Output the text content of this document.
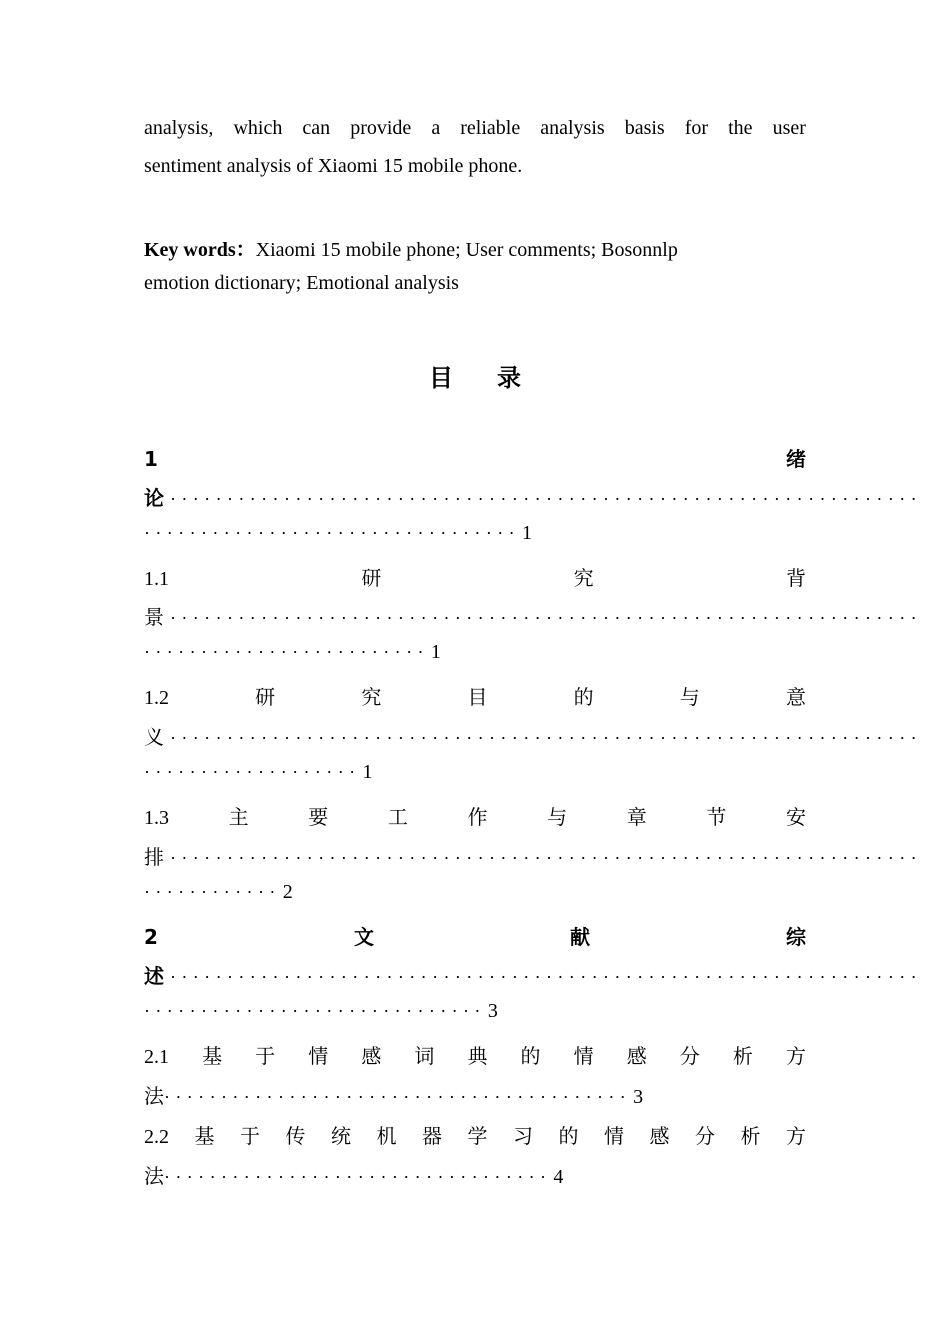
analysis, which can provide a reliable analysis basis for the user
sentiment analysis of Xiaomi 15 mobile phone.
Key words：Xiaomi 15 mobile phone; User comments; Bosonnlp
emotion dictionary; Emotional analysis
目 录
1	绪
论 ··································································
································· 1
1.1	研	究	背
景 ··································································
························· 1
1.2	研	究	目	的	与	意
义 ··································································
··················· 1
1.3	主	要	工	作	与	章	节	安
排 ··································································
············ 2
2	文	献	综
述 ··································································
······························ 3
2.1 基 于 情 感 词 典 的 情 感 分 析 方
法········································· 3
2.2 基 于 传 统 机 器 学 习 的 情 感 分 析 方
法·································· 4
